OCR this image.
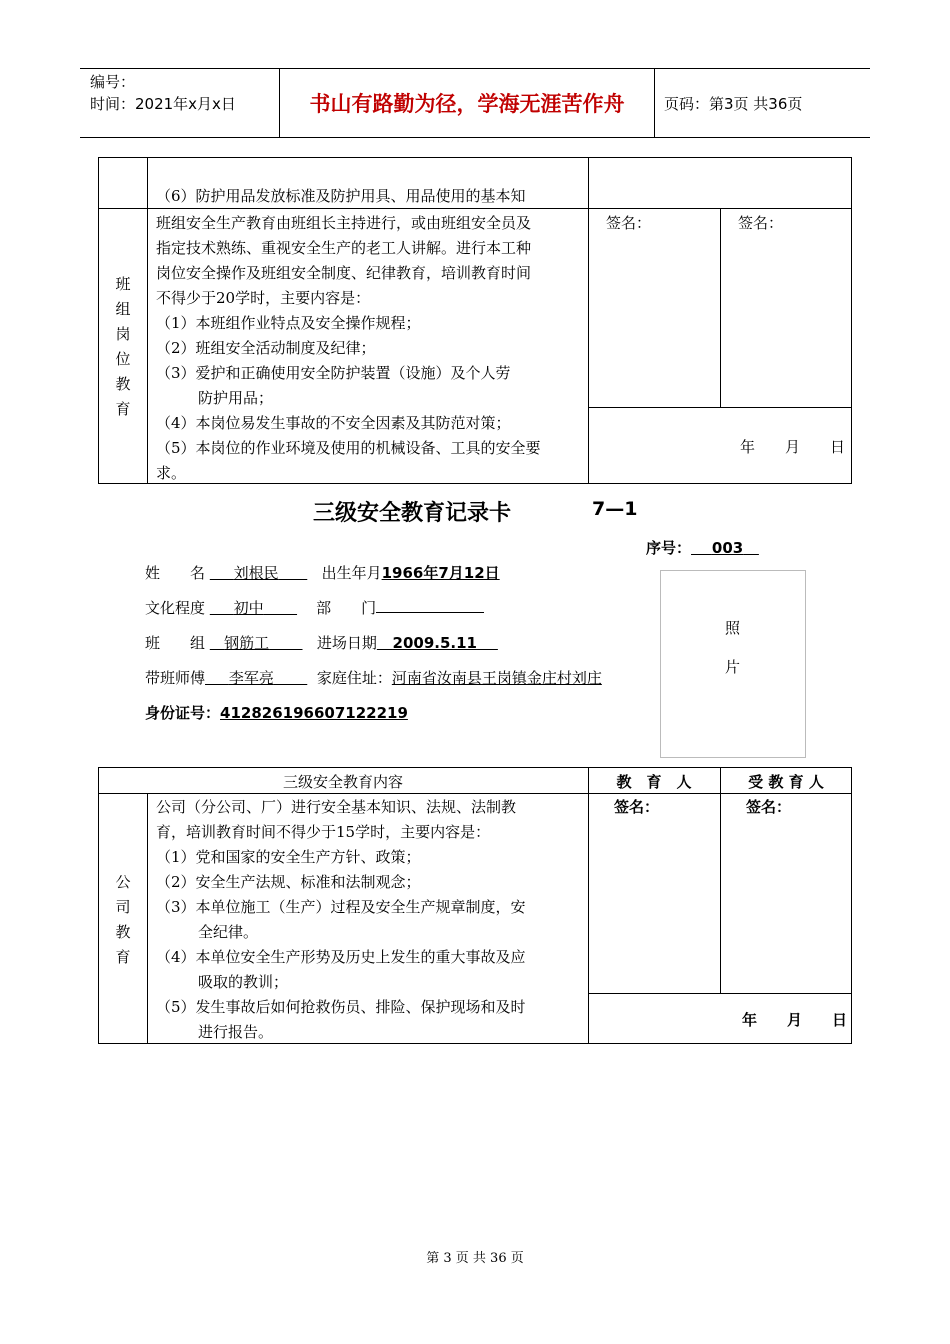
编号：
时间：2021年x月x日	书山有路勤为径，学海无涯苦作舟	页码：第3页 共36页
（6）防护用品发放标准及防护用具、用品使用的基本知
班
组
岗
位
教
育
班组安全生产教育由班组长主持进行，或由班组安全员及
指定技术熟练、重视安全生产的老工人讲解。进行本工种
岗位安全操作及班组安全制度、纪律教育，培训教育时间
不得少于20学时，主要内容是：
（1）本班组作业特点及安全操作规程；
（2）班组安全活动制度及纪律；
（3）爱护和正确使用安全防护装置（设施）及个人劳
防护用品；
（4）本岗位易发生事故的不安全因素及其防范对策；
（5）本岗位的作业环境及使用的机械设备、工具的安全要
求。
签名：	签名：
年　　月　　日
三级安全教育记录卡	7—1
序号： 003
姓　　名 刘根民	出生年月1966年7月12日
文化程度 初中	部　　门
班　　组 钢筋工	进场日期 2009.5.11
带班师傅 李军亮	家庭住址：河南省汝南县王岗镇金庄村刘庄
身份证号：412826196607122219
照
片
三级安全教育内容	教　育　人	受 教 育 人
公
司
教
育
公司（分公司、厂）进行安全基本知识、法规、法制教
育，培训教育时间不得少于15学时，主要内容是：
（1）党和国家的安全生产方针、政策；
（2）安全生产法规、标准和法制观念；
（3）本单位施工（生产）过程及安全生产规章制度，安
全纪律。
（4）本单位安全生产形势及历史上发生的重大事故及应
吸取的教训；
（5）发生事故后如何抢救伤员、排险、保护现场和及时
进行报告。
签名：	签名：
年　　月　　日
第 3 页 共 36 页
